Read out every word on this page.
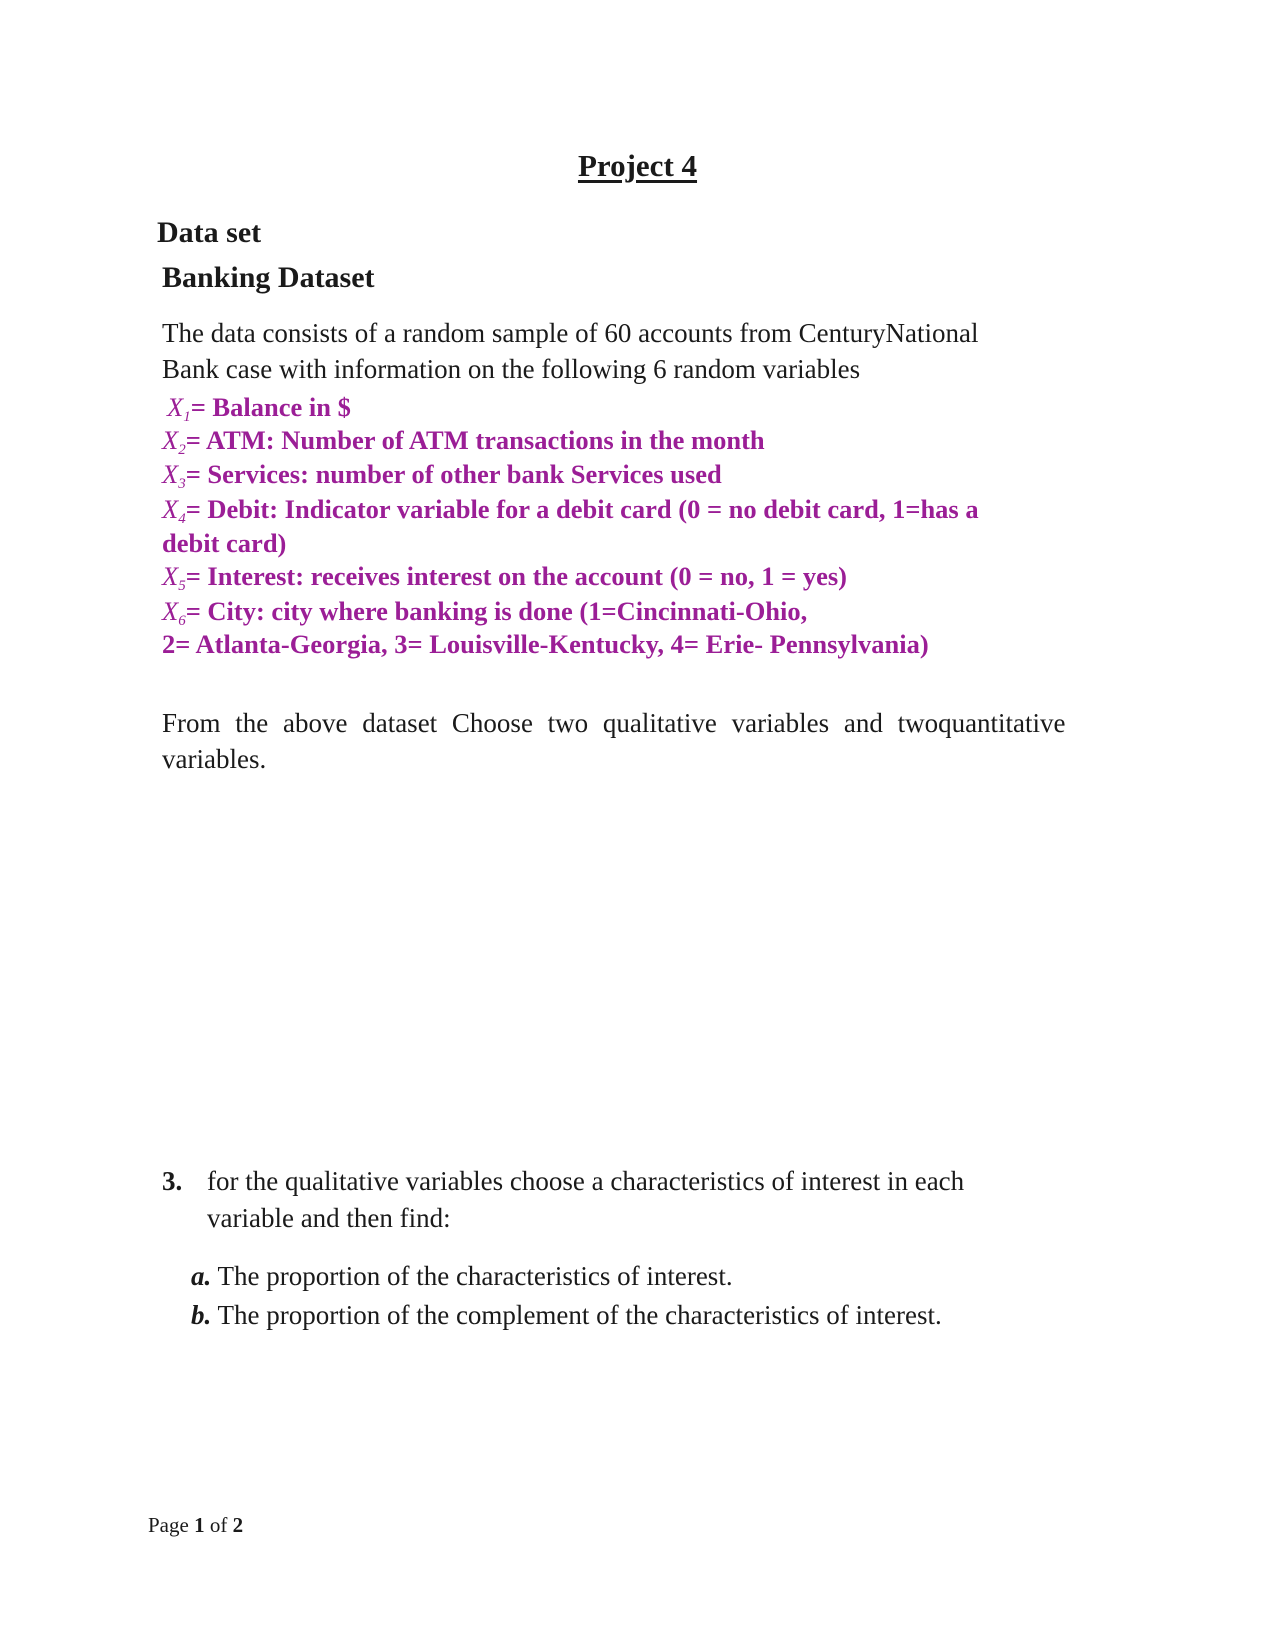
Project 4
Data set
Banking Dataset
The data consists of a random sample of 60 accounts from CenturyNational
Bank case with information on the following 6 random variables
$X_1=$ Balance in $
$X_2=$ ATM: Number of ATM transactions in the month
$X_3=$ Services: number of other bank Services used
$X_4=$ Debit: Indicator variable for a debit card (0 = no debit card, 1=has a
debit card)
$X_5=$ Interest: receives interest on the account (0 = no, 1 = yes)
$X_6=$ City: city where banking is done (1=Cincinnati-Ohio,
2= Atlanta-Georgia, 3= Louisville-Kentucky, 4= Erie- Pennsylvania)
From the above dataset Choose two qualitative variables and twoquantitative
variables.
3. for the qualitative variables choose a characteristics of interest in each
variable and then find:
a. The proportion of the characteristics of interest.
b. The proportion of the complement of the characteristics of interest.
Page 1 of 2
